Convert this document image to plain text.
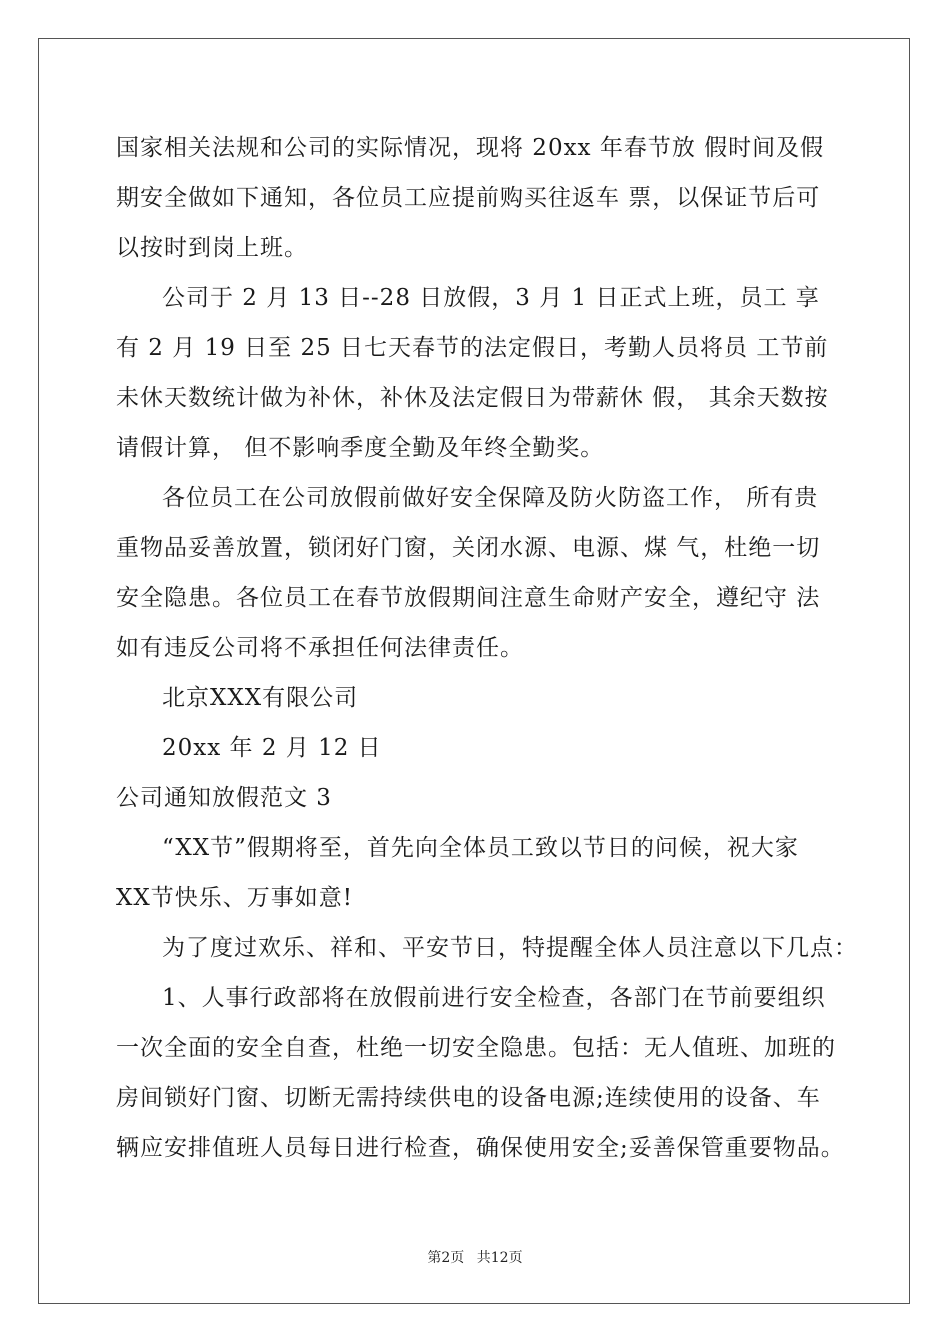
国家相关法规和公司的实际情况，现将 20xx 年春节放 假时间及假
期安全做如下通知，各位员工应提前购买往返车 票，以保证节后可
以按时到岗上班。
公司于 2 月 13 日--28 日放假，3 月 1 日正式上班，员工 享
有 2 月 19 日至 25 日七天春节的法定假日，考勤人员将员 工节前
未休天数统计做为补休，补休及法定假日为带薪休 假， 其余天数按
请假计算， 但不影响季度全勤及年终全勤奖。
各位员工在公司放假前做好安全保障及防火防盗工作， 所有贵
重物品妥善放置，锁闭好门窗，关闭水源、电源、煤 气，杜绝一切
安全隐患。各位员工在春节放假期间注意生命财产安全，遵纪守 法
如有违反公司将不承担任何法律责任。
北京XXX有限公司
20xx 年 2 月 12 日
公司通知放假范文 3
“XX节”假期将至，首先向全体员工致以节日的问候，祝大家
XX节快乐、万事如意!
为了度过欢乐、祥和、平安节日，特提醒全体人员注意以下几点：
1、人事行政部将在放假前进行安全检查，各部门在节前要组织
一次全面的安全自查，杜绝一切安全隐患。包括：无人值班、加班的
房间锁好门窗、切断无需持续供电的设备电源;连续使用的设备、车
辆应安排值班人员每日进行检查，确保使用安全;妥善保管重要物品。
第2页 共12页
